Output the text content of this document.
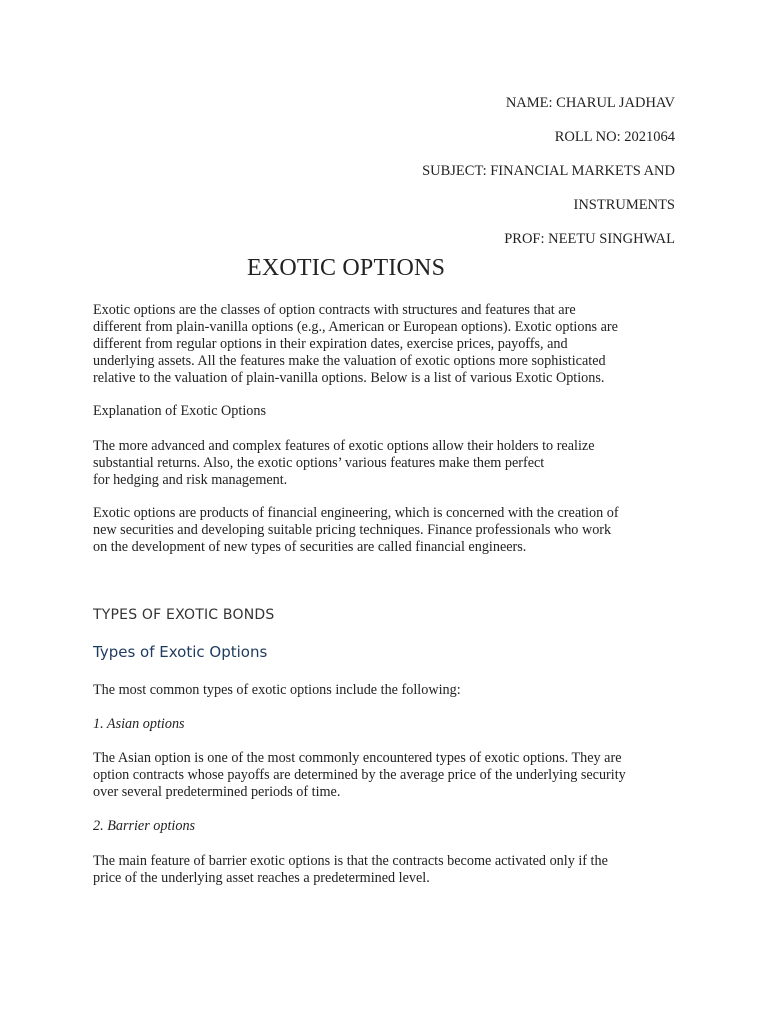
NAME: CHARUL JADHAV
ROLL NO: 2021064
SUBJECT: FINANCIAL MARKETS AND
INSTRUMENTS
PROF: NEETU SINGHWAL
EXOTIC OPTIONS
Exotic options are the classes of option contracts with structures and features that are
different from plain-vanilla options (e.g., American or European options). Exotic options are
different from regular options in their expiration dates, exercise prices, payoffs, and
underlying assets. All the features make the valuation of exotic options more sophisticated
relative to the valuation of plain-vanilla options. Below is a list of various Exotic Options.
Explanation of Exotic Options
The more advanced and complex features of exotic options allow their holders to realize
substantial returns. Also, the exotic options’ various features make them perfect
for hedging and risk management.
Exotic options are products of financial engineering, which is concerned with the creation of
new securities and developing suitable pricing techniques. Finance professionals who work
on the development of new types of securities are called financial engineers.
TYPES OF EXOTIC BONDS
Types of Exotic Options
The most common types of exotic options include the following:
1. Asian options
The Asian option is one of the most commonly encountered types of exotic options. They are
option contracts whose payoffs are determined by the average price of the underlying security
over several predetermined periods of time.
2. Barrier options
The main feature of barrier exotic options is that the contracts become activated only if the
price of the underlying asset reaches a predetermined level.
